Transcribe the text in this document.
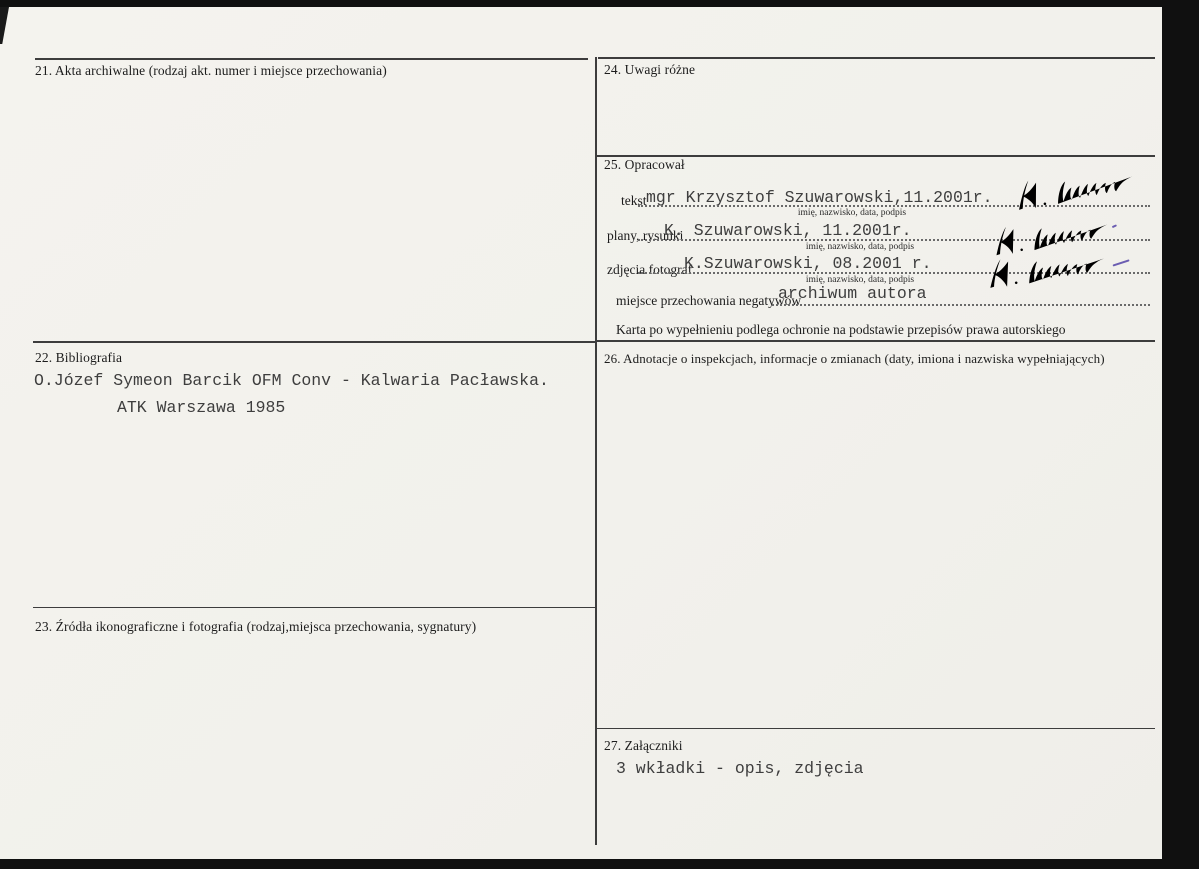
21. Akta archiwalne (rodzaj akt. numer i miejsce przechowania)	24. Uwagi różne
25. Opracował
tekst mgr Krzysztof Szuwarowski,11.2001r.
imię, nazwisko, data, podpis
plany, rysunki
K. Szuwarowski, 11.2001r.
imię, nazwisko, data, podpis
zdjęcia fotograf.
K.Szuwarowski, 08.2001 r.
imię, nazwisko, data, podpis
miejsce przechowania negatywów
archiwum autora
Karta po wypełnieniu podlega ochronie na podstawie przepisów prawa autorskiego
22. Bibliografia
O.Józef Symeon Barcik OFM Conv - Kalwaria Pacławska.
ATK Warszawa 1985
26. Adnotacje o inspekcjach, informacje o zmianach (daty, imiona i nazwiska wypełniających)
23. Źródła ikonograficzne i fotografia (rodzaj,miejsca przechowania, sygnatury)
27. Załączniki
3 wkładki - opis, zdjęcia
